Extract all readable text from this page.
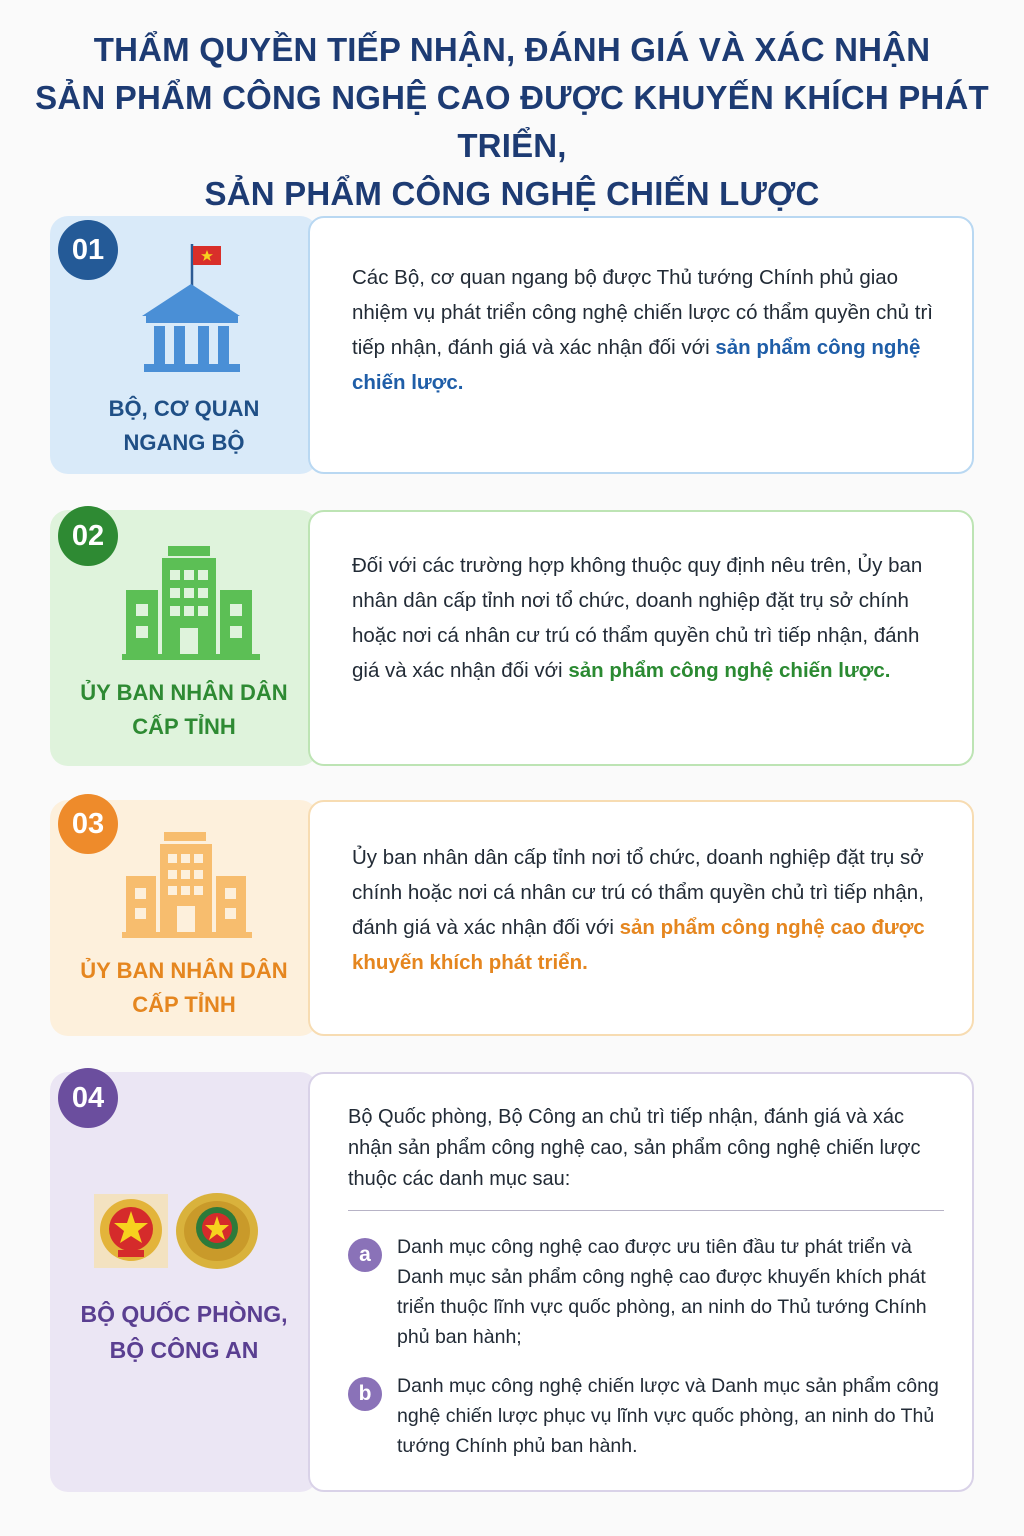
THẨM QUYỀN TIẾP NHẬN, ĐÁNH GIÁ VÀ XÁC NHẬN
SẢN PHẨM CÔNG NGHỆ CAO ĐƯỢC KHUYẾN KHÍCH PHÁT TRIỂN,
SẢN PHẨM CÔNG NGHỆ CHIẾN LƯỢC
01
BỘ, CƠ QUAN
NGANG BỘ
Các Bộ, cơ quan ngang bộ được Thủ tướng Chính phủ giao nhiệm vụ phát triển công nghệ chiến lược có thẩm quyền chủ trì tiếp nhận, đánh giá và xác nhận đối với sản phẩm công nghệ chiến lược.
02
ỦY BAN NHÂN DÂN
CẤP TỈNH
Đối với các trường hợp không thuộc quy định nêu trên, Ủy ban nhân dân cấp tỉnh nơi tổ chức, doanh nghiệp đặt trụ sở chính hoặc nơi cá nhân cư trú có thẩm quyền chủ trì tiếp nhận, đánh giá và xác nhận đối với sản phẩm công nghệ chiến lược.
03
ỦY BAN NHÂN DÂN
CẤP TỈNH
Ủy ban nhân dân cấp tỉnh nơi tổ chức, doanh nghiệp đặt trụ sở chính hoặc nơi cá nhân cư trú có thẩm quyền chủ trì tiếp nhận, đánh giá và xác nhận đối với sản phẩm công nghệ cao được khuyến khích phát triển.
04
BỘ QUỐC PHÒNG,
BỘ CÔNG AN
Bộ Quốc phòng, Bộ Công an chủ trì tiếp nhận, đánh giá và xác nhận sản phẩm công nghệ cao, sản phẩm công nghệ chiến lược thuộc các danh mục sau:
a	Danh mục công nghệ cao được ưu tiên đầu tư phát triển và Danh mục sản phẩm công nghệ cao được khuyến khích phát triển thuộc lĩnh vực quốc phòng, an ninh do Thủ tướng Chính phủ ban hành;
b	Danh mục công nghệ chiến lược và Danh mục sản phẩm công nghệ chiến lược phục vụ lĩnh vực quốc phòng, an ninh do Thủ tướng Chính phủ ban hành.
